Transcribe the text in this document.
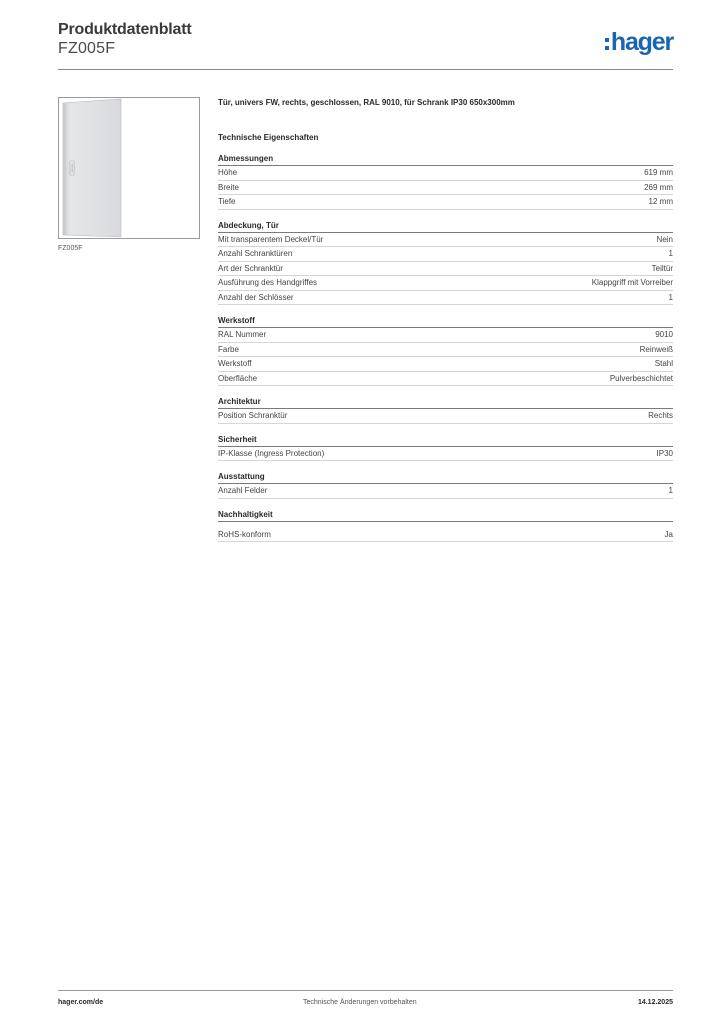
Produktdatenblatt
FZ005F	hager
FZ005F
Tür, univers FW, rechts, geschlossen, RAL 9010, für Schrank IP30 650x300mm
Technische Eigenschaften
Abmessungen
Höhe	619 mm
Breite	269 mm
Tiefe	12 mm
Abdeckung, Tür
Mit transparentem Deckel/Tür	Nein
Anzahl Schranktüren	1
Art der Schranktür	Teiltür
Ausführung des Handgriffes	Klappgriff mit Vorreiber
Anzahl der Schlösser	1
Werkstoff
RAL Nummer	9010
Farbe	Reinweiß
Werkstoff	Stahl
Oberfläche	Pulverbeschichtet
Architektur
Position Schranktür	Rechts
Sicherheit
IP-Klasse (Ingress Protection)	IP30
Ausstattung
Anzahl Felder	1
Nachhaltigkeit
RoHS-konform	Ja
hager.com/de	Technische Änderungen vorbehalten	14.12.2025
